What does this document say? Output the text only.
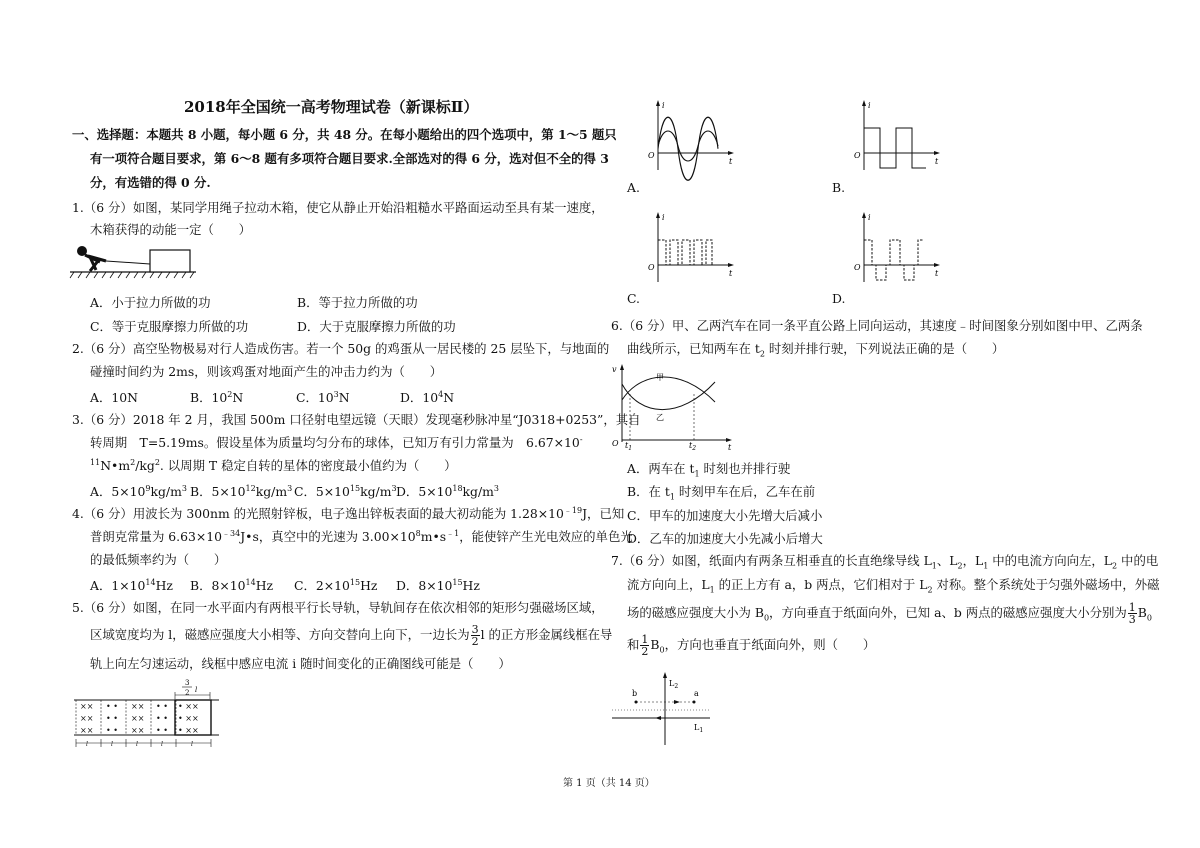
2018年全国统一高考物理试卷（新课标Ⅱ）
一、选择题：本题共 8 小题，每小题 6 分，共 48 分。在每小题给出的四个选项中，第 1～5 题只
有一项符合题目要求，第 6～8 题有多项符合题目要求.全部选对的得 6 分，选对但不全的得 3
分，有选错的得 0 分.
1.（6 分）如图，某同学用绳子拉动木箱，使它从静止开始沿粗糙水平路面运动至具有某一速度，
木箱获得的动能一定（　　）
A．小于拉力所做的功	B．等于拉力所做的功
C．等于克服摩擦力所做的功	D．大于克服摩擦力所做的功
2.（6 分）高空坠物极易对行人造成伤害。若一个 50g 的鸡蛋从一居民楼的 25 层坠下，与地面的
碰撞时间约为 2ms，则该鸡蛋对地面产生的冲击力约为（　　）
A．10N	B．$10^2N$	C．$10^3N$	D．$10^4N$
3.（6 分）2018 年 2 月，我国 500m 口径射电望远镜（天眼）发现毫秒脉冲星“J0318+0253”，其自
转周期　T=5.19ms。假设星体为质量均匀分布的球体，已知万有引力常量为　6.67×10-
$^{11}N•m^2/kg^2$. 以周期 T 稳定自转的星体的密度最小值约为（　　）
A．$5\times 10^9kg/m^3$ B．$5\times 10^{12}kg/m^3$ C．$5\times 10^{15}kg/m^3$ D．$5\times 10^{18}kg/m^3$
4.（6 分）用波长为 300nm 的光照射锌板，电子逸出锌板表面的最大初动能为 $1.28\times 10^{﹣19}J$，已知
普朗克常量为 $6.63\times 10^{﹣34}J•s$，真空中的光速为 $3.00\times 10^8m•s^{﹣1}$，能使锌产生光电效应的单色光
的最低频率约为（　　）
A．$1\times 10^{14}Hz$ B．$8\times 10^{14}Hz$ C．$2\times 10^{15}Hz$ D．$8\times 10^{15}Hz$
5.（6 分）如图，在同一水平面内有两根平行长导轨，导轨间存在依次相邻的矩形匀强磁场区域，
区域宽度均为 l，磁感应强度大小相等、方向交替向上向下，一边长为 $\frac{3}{2}$ l 的正方形金属线框在导
轨上向左匀速运动，线框中感应电流 i 随时间变化的正确图线可能是（　　）
3
2 l
××
××
××
• •
• •
• •
××
××
××
• •
• •
• •
• ××
• ××
• ××
l	l	l	l	l
i
t
O
A.
i
t
O
B.
i
t
O
C.
i
t
O
D.
6.（6 分）甲、乙两汽车在同一条平直公路上同向运动，其速度﹣时间图象分别如图中甲、乙两条
曲线所示，已知两车在 $t_2$ 时刻并排行驶，下列说法正确的是（　　）
v
O	t
$t_1$	$t_2$
甲
乙
A．两车在 $t_1$ 时刻也并排行驶
B．在 $t_1$ 时刻甲车在后，乙车在前
C．甲车的加速度大小先增大后减小
D．乙车的加速度大小先减小后增大
7.（6 分）如图，纸面内有两条互相垂直的长直绝缘导线 $L_1$、$L_2$，$L_1$ 中的电流方向向左，$L_2$ 中的电
流方向向上，$L_1$ 的正上方有 a，b 两点，它们相对于 $L_2$ 对称。整个系统处于匀强外磁场中，外磁
场的磁感应强度大小为 $B_0$，方向垂直于纸面向外，已知 a、b 两点的磁感应强度大小分别为 $\frac{1}{3} B_0$
和 $\frac{1}{2} B_0$，方向也垂直于纸面向外，则（　　）
b	a
$L_2$
$L_1$
第 1 页（共 14 页）
